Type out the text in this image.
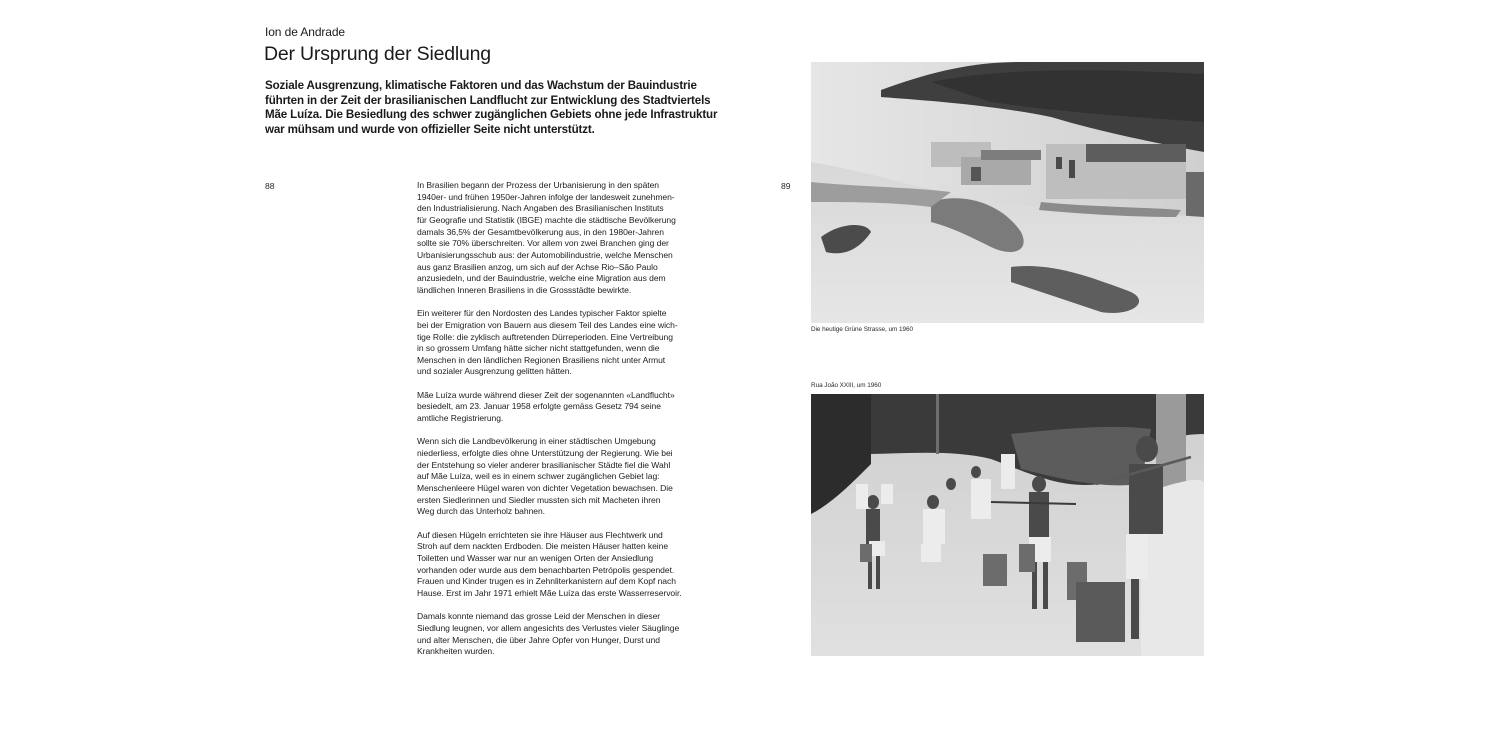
Ion de Andrade
Der Ursprung der Siedlung

Soziale Ausgrenzung, klimatische Faktoren und das Wachstum der Bauindustrie
führten in der Zeit der brasilianischen Landflucht zur Entwicklung des Stadtviertels
Mãe Luíza. Die Besiedlung des schwer zugänglichen Gebiets ohne jede Infrastruktur
war mühsam und wurde von offizieller Seite nicht unterstützt.

88	In Brasilien begann der Prozess der Urbanisierung in den späten
1940er- und frühen 1950er-Jahren infolge der landesweit zunehmen-
den Industrialisierung. Nach Angaben des Brasilianischen Instituts
für Geografie und Statistik (IBGE) machte die städtische Bevölkerung
damals 36,5% der Gesamtbevölkerung aus, in den 1980er-Jahren
sollte sie 70% überschreiten. Vor allem von zwei Branchen ging der
Urbanisierungsschub aus: der Automobilindustrie, welche Menschen
aus ganz Brasilien anzog, um sich auf der Achse Rio–São Paulo
anzusiedeln, und der Bauindustrie, welche eine Migration aus dem
ländlichen Inneren Brasiliens in die Grossstädte bewirkte.

Ein weiterer für den Nordosten des Landes typischer Faktor spielte
bei der Emigration von Bauern aus diesem Teil des Landes eine wich-
tige Rolle: die zyklisch auftretenden Dürreperioden. Eine Vertreibung
in so grossem Umfang hätte sicher nicht stattgefunden, wenn die
Menschen in den ländlichen Regionen Brasiliens nicht unter Armut
und sozialer Ausgrenzung gelitten hätten.

Mãe Luíza wurde während dieser Zeit der sogenannten «Landflucht»
besiedelt, am 23. Januar 1958 erfolgte gemäss Gesetz 794 seine
amtliche Registrierung.

Wenn sich die Landbevölkerung in einer städtischen Umgebung
niederliess, erfolgte dies ohne Unterstützung der Regierung. Wie bei
der Entstehung so vieler anderer brasilianischer Städte fiel die Wahl
auf Mãe Luíza, weil es in einem schwer zugänglichen Gebiet lag:
Menschenleere Hügel waren von dichter Vegetation bewachsen. Die
ersten Siedlerinnen und Siedler mussten sich mit Macheten ihren
Weg durch das Unterholz bahnen.

Auf diesen Hügeln errichteten sie ihre Häuser aus Flechtwerk und
Stroh auf dem nackten Erdboden. Die meisten Häuser hatten keine
Toiletten und Wasser war nur an wenigen Orten der Ansiedlung
vorhanden oder wurde aus dem benachbarten Petrópolis gespendet.
Frauen und Kinder trugen es in Zehnliterkanistern auf dem Kopf nach
Hause. Erst im Jahr 1971 erhielt Mãe Luíza das erste Wasserreservoir.

Damals konnte niemand das grosse Leid der Menschen in dieser
Siedlung leugnen, vor allem angesichts des Verlustes vieler Säuglinge
und alter Menschen, die über Jahre Opfer von Hunger, Durst und
Krankheiten wurden.

89
Die heutige Grüne Strasse, um 1960
Rua João XXIII, um 1960
